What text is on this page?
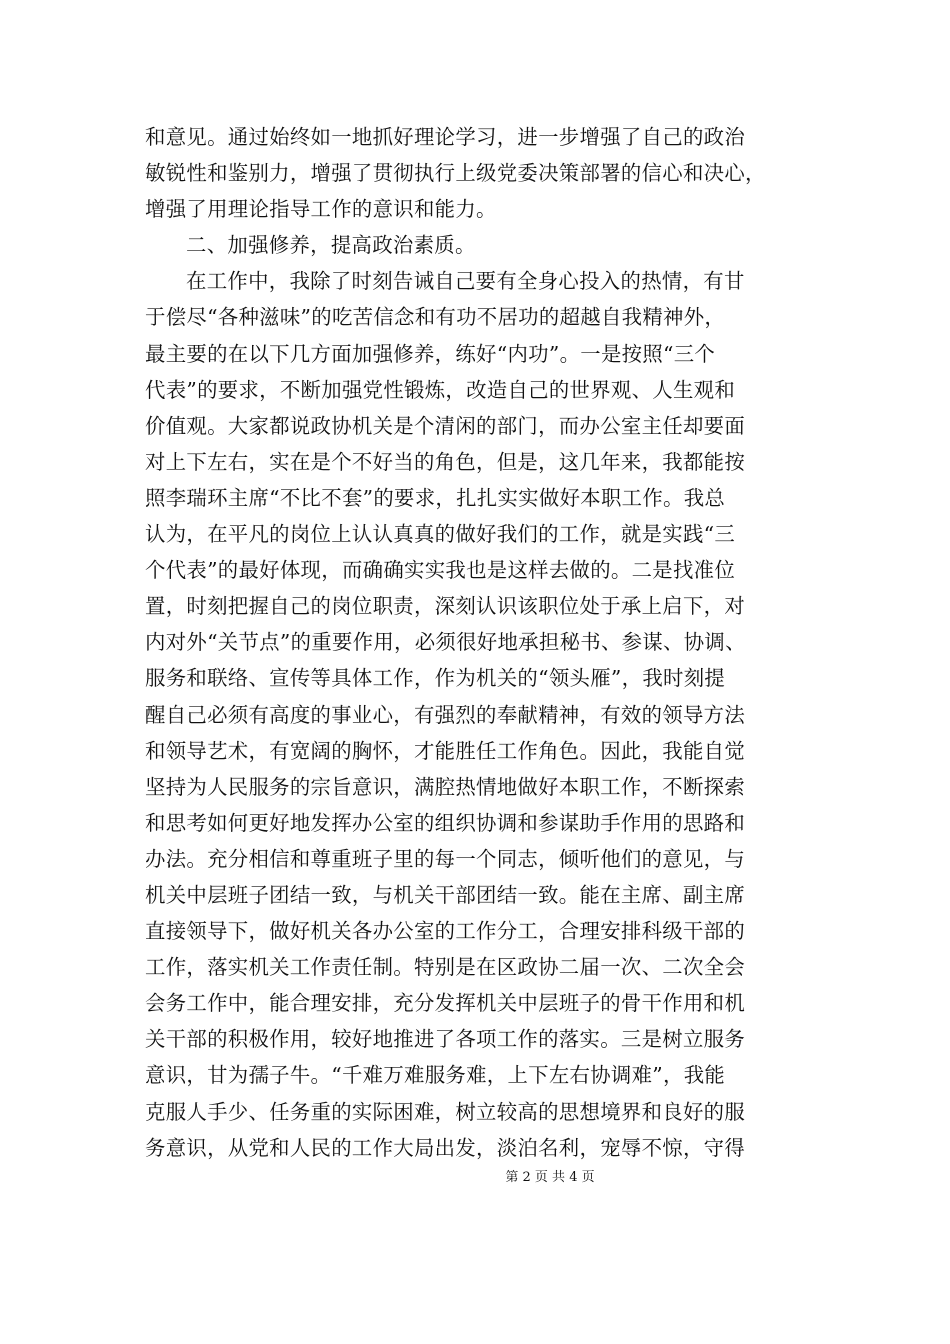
和意见。通过始终如一地抓好理论学习，进一步增强了自己的政治
敏锐性和鉴别力，增强了贯彻执行上级党委决策部署的信心和决心，
增强了用理论指导工作的意识和能力。
二、加强修养，提高政治素质。
在工作中，我除了时刻告诫自己要有全身心投入的热情，有甘
于偿尽“各种滋味”的吃苦信念和有功不居功的超越自我精神外，
最主要的在以下几方面加强修养，练好“内功”。一是按照“三个
代表”的要求，不断加强党性锻炼，改造自己的世界观、人生观和
价值观。大家都说政协机关是个清闲的部门，而办公室主任却要面
对上下左右，实在是个不好当的角色，但是，这几年来，我都能按
照李瑞环主席“不比不套”的要求，扎扎实实做好本职工作。我总
认为，在平凡的岗位上认认真真的做好我们的工作，就是实践“三
个代表”的最好体现，而确确实实我也是这样去做的。二是找准位
置，时刻把握自己的岗位职责，深刻认识该职位处于承上启下，对
内对外“关节点”的重要作用，必须很好地承担秘书、参谋、协调、
服务和联络、宣传等具体工作，作为机关的“领头雁”，我时刻提
醒自己必须有高度的事业心，有强烈的奉献精神，有效的领导方法
和领导艺术，有宽阔的胸怀，才能胜任工作角色。因此，我能自觉
坚持为人民服务的宗旨意识，满腔热情地做好本职工作，不断探索
和思考如何更好地发挥办公室的组织协调和参谋助手作用的思路和
办法。充分相信和尊重班子里的每一个同志，倾听他们的意见，与
机关中层班子团结一致，与机关干部团结一致。能在主席、副主席
直接领导下，做好机关各办公室的工作分工，合理安排科级干部的
工作，落实机关工作责任制。特别是在区政协二届一次、二次全会
会务工作中，能合理安排，充分发挥机关中层班子的骨干作用和机
关干部的积极作用，较好地推进了各项工作的落实。三是树立服务
意识，甘为孺子牛。“千难万难服务难，上下左右协调难”，我能
克服人手少、任务重的实际困难，树立较高的思想境界和良好的服
务意识，从党和人民的工作大局出发，淡泊名利，宠辱不惊，守得
第 2 页 共 4 页
